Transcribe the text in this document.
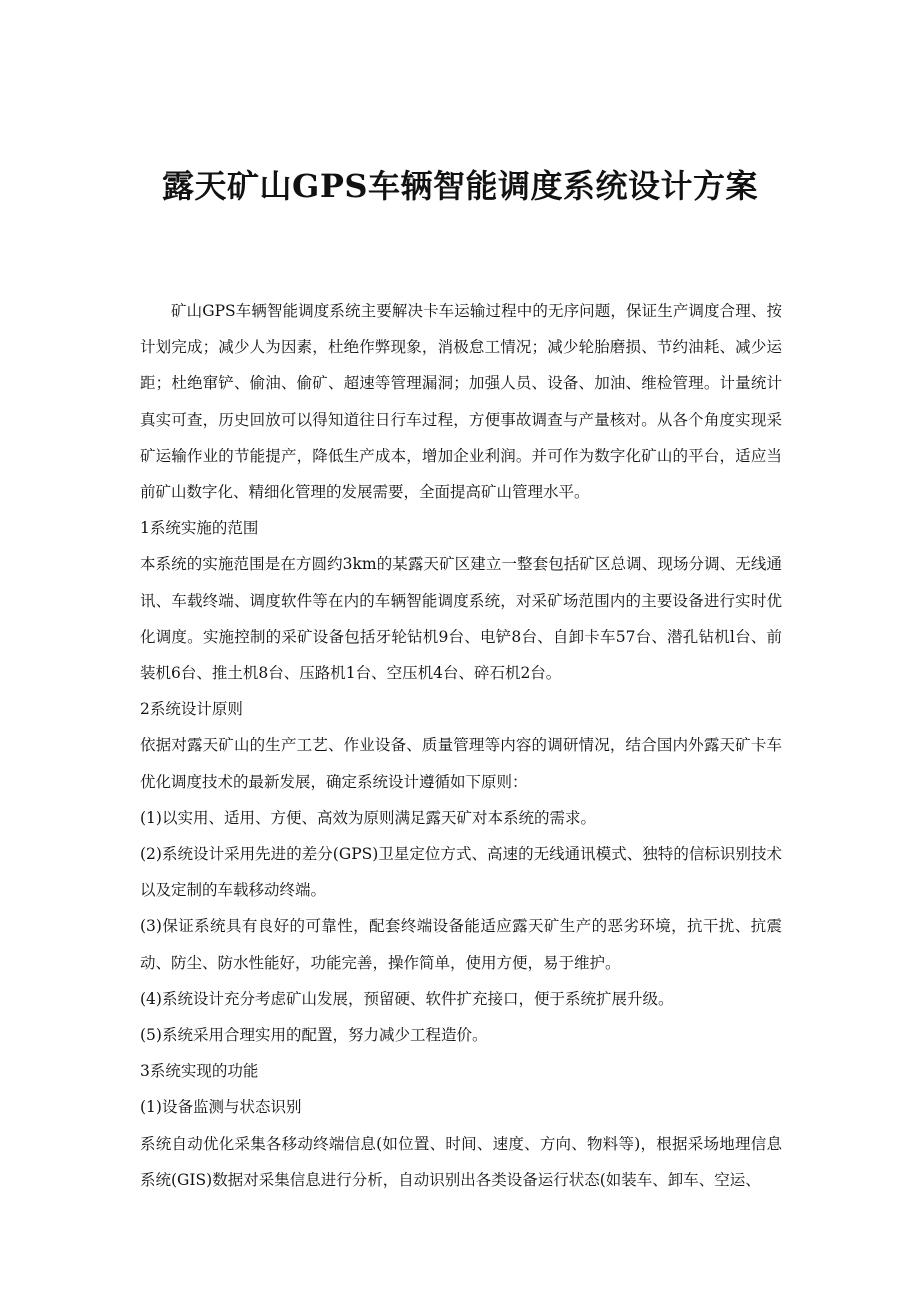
露天矿山GPS车辆智能调度系统设计方案

矿山GPS车辆智能调度系统主要解决卡车运输过程中的无序问题，保证生产调度合理、按计划完成；减少人为因素，杜绝作弊现象，消极怠工情况；减少轮胎磨损、节约油耗、减少运距；杜绝窜铲、偷油、偷矿、超速等管理漏洞；加强人员、设备、加油、维检管理。计量统计真实可查，历史回放可以得知道往日行车过程，方便事故调查与产量核对。从各个角度实现采矿运输作业的节能提产，降低生产成本，增加企业利润。并可作为数字化矿山的平台，适应当前矿山数字化、精细化管理的发展需要，全面提高矿山管理水平。

1系统实施的范围

本系统的实施范围是在方圆约3km的某露天矿区建立一整套包括矿区总调、现场分调、无线通讯、车载终端、调度软件等在内的车辆智能调度系统，对采矿场范围内的主要设备进行实时优化调度。实施控制的采矿设备包括牙轮钻机9台、电铲8台、自卸卡车57台、潜孔钻机l台、前装机6台、推土机8台、压路机1台、空压机4台、碎石机2台。

2系统设计原则

依据对露天矿山的生产工艺、作业设备、质量管理等内容的调研情况，结合国内外露天矿卡车优化调度技术的最新发展，确定系统设计遵循如下原则：

(1)以实用、适用、方便、高效为原则满足露天矿对本系统的需求。

(2)系统设计采用先进的差分(GPS)卫星定位方式、高速的无线通讯模式、独特的信标识别技术以及定制的车载移动终端。

(3)保证系统具有良好的可靠性，配套终端设备能适应露天矿生产的恶劣环境，抗干扰、抗震动、防尘、防水性能好，功能完善，操作简单，使用方便，易于维护。

(4)系统设计充分考虑矿山发展，预留硬、软件扩充接口，便于系统扩展升级。

(5)系统采用合理实用的配置，努力减少工程造价。

3系统实现的功能

(1)设备监测与状态识别

系统自动优化采集各移动终端信息(如位置、时间、速度、方向、物料等)，根据采场地理信息系统(GIS)数据对采集信息进行分析，自动识别出各类设备运行状态(如装车、卸车、空运、
